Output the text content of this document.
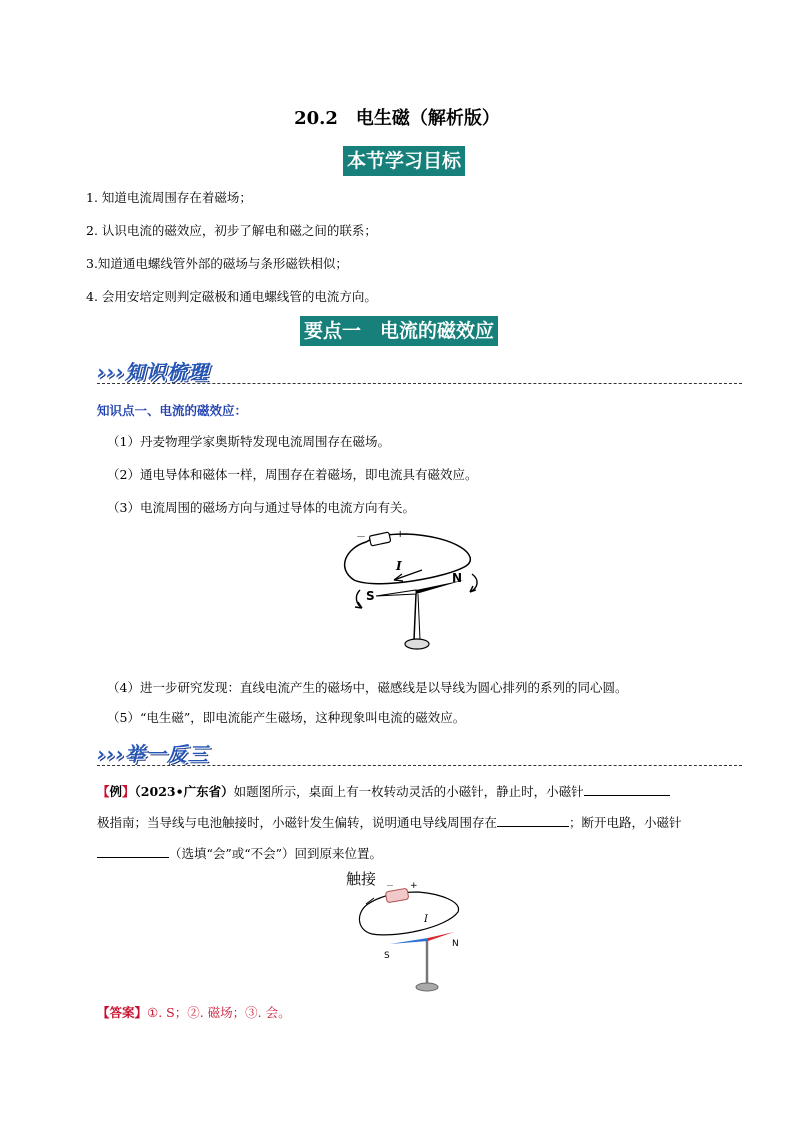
20.2　电生磁（解析版）
本节学习目标
1. 知道电流周围存在着磁场；
2. 认识电流的磁效应，初步了解电和磁之间的联系；
3.知道通电螺线管外部的磁场与条形磁铁相似；
4. 会用安培定则判定磁极和通电螺线管的电流方向。
要点一　电流的磁效应
›››知识梳理
知识点一、电流的磁效应：
（1）丹麦物理学家奥斯特发现电流周围存在磁场。
（2）通电导体和磁体一样，周围存在着磁场，即电流具有磁效应。
（3）电流周围的磁场方向与通过导体的电流方向有关。
－	+
I
S
N
（4）进一步研究发现：直线电流产生的磁场中，磁感线是以导线为圆心排列的系列的同心圆。
（5）“电生磁”，即电流能产生磁场，这种现象叫电流的磁效应。
›››举一反三
【例】（2023•广东省）如题图所示，桌面上有一枚转动灵活的小磁针，静止时，小磁针
极指南；当导线与电池触接时，小磁针发生偏转，说明通电导线周围存在	；断开电路，小磁针
（选填“会”或“不会”）回到原来位置。
触接 － +
I
S
N
【答案】①. S；②. 磁场；③. 会。
